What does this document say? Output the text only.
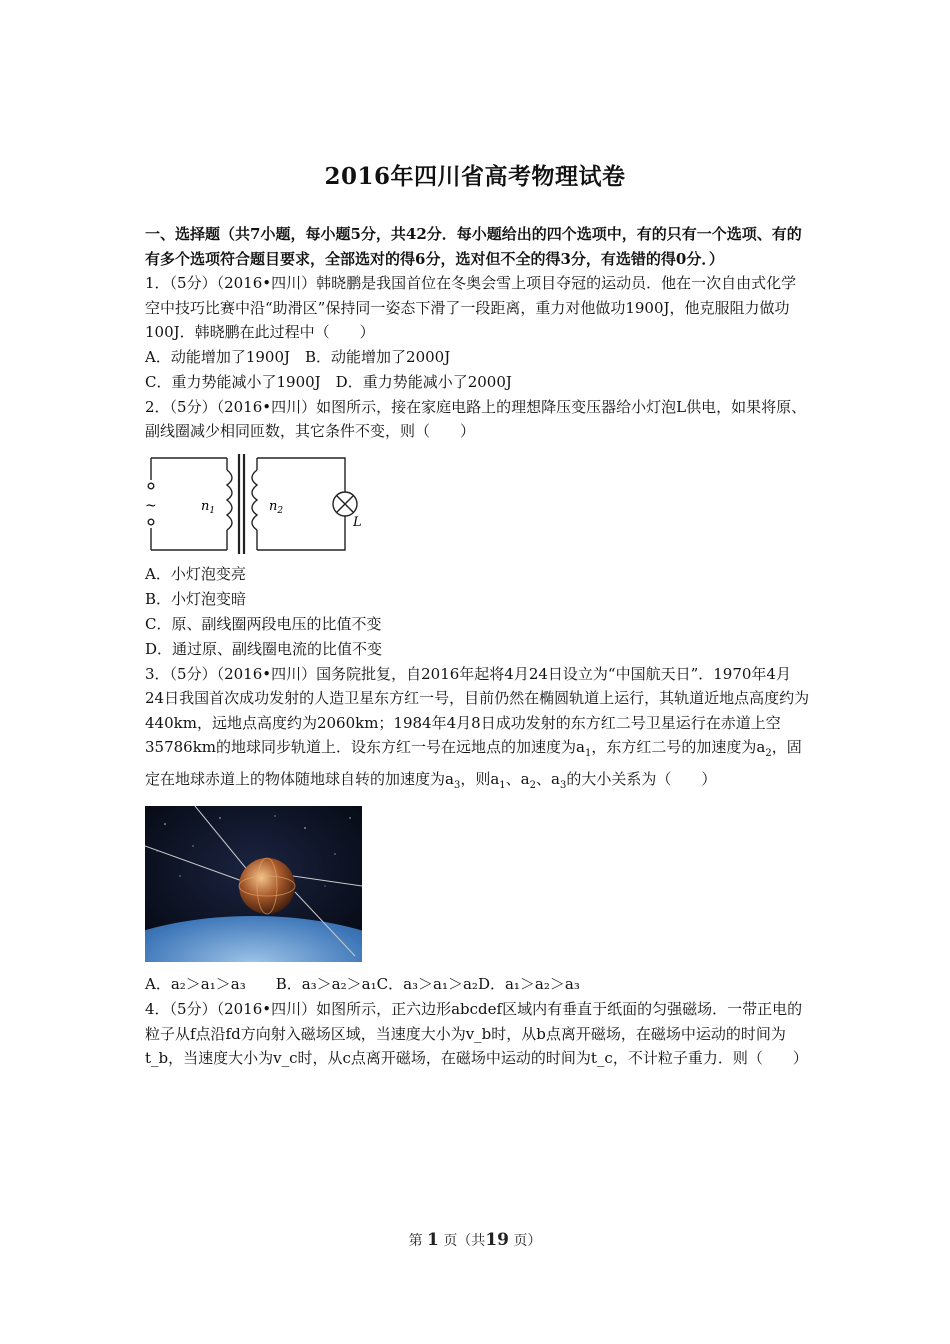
2016年四川省高考物理试卷
一、选择题（共7小题，每小题5分，共42分．每小题给出的四个选项中，有的只有一个选项、有的有多个选项符合题目要求，全部选对的得6分，选对但不全的得3分，有选错的得0分．）

1．（5分）（2016•四川）韩晓鹏是我国首位在冬奥会雪上项目夺冠的运动员．他在一次自由式化学空中技巧比赛中沿“助滑区”保持同一姿态下滑了一段距离，重力对他做功1900J，他克服阻力做功100J．韩晓鹏在此过程中（　　）

A．动能增加了1900J　B．动能增加了2000J

C．重力势能减小了1900J　D．重力势能减小了2000J

2．（5分）（2016•四川）如图所示，接在家庭电路上的理想降压变压器给小灯泡L供电，如果将原、副线圈减少相同匝数，其它条件不变，则（　　）

~	$n_1$	$n_2$
L

A．小灯泡变亮

B．小灯泡变暗

C．原、副线圈两段电压的比值不变

D．通过原、副线圈电流的比值不变

3．（5分）（2016•四川）国务院批复，自2016年起将4月24日设立为“中国航天日”．1970年4月24日我国首次成功发射的人造卫星东方红一号，目前仍然在椭圆轨道上运行，其轨道近地点高度约为440km，远地点高度约为2060km；1984年4月8日成功发射的东方红二号卫星运行在赤道上空35786km的地球同步轨道上．设东方红一号在远地点的加速度为$a_1$，东方红二号的加速度为$a_2$，固定在地球赤道上的物体随地球自转的加速度为$a_3$，则$a_1$、$a_2$、$a_3$的大小关系为（　　）

A．a₂＞a₁＞a₃　　B．a₃＞a₂＞a₁C．a₃＞a₁＞a₂D．a₁＞a₂＞a₃

4．（5分）（2016•四川）如图所示，正六边形abcdef区域内有垂直于纸面的匀强磁场．一带正电的粒子从f点沿fd方向射入磁场区域，当速度大小为v_b时，从b点离开磁场，在磁场中运动的时间为t_b，当速度大小为v_c时，从c点离开磁场，在磁场中运动的时间为t_c，不计粒子重力．则（　　）

第 1 页（共19 页）
